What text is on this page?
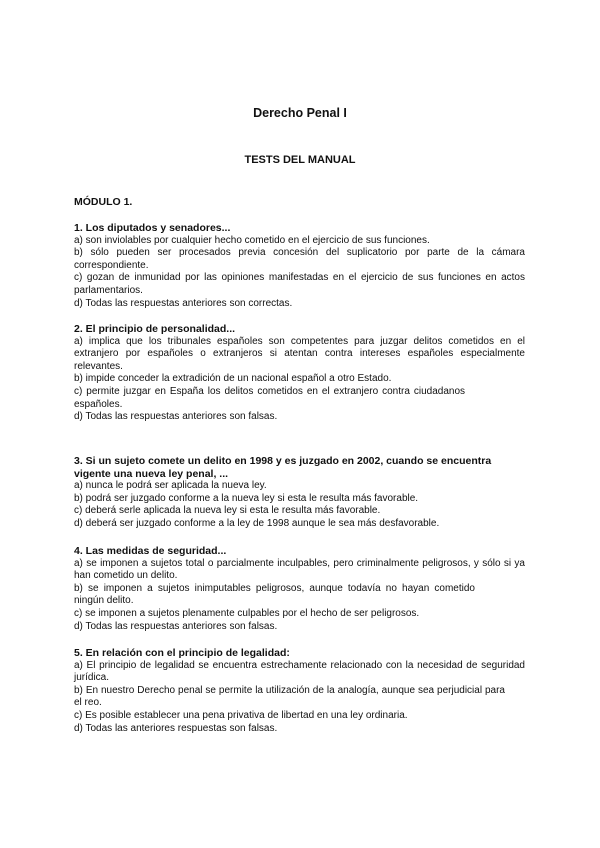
Derecho Penal I
TESTS DEL MANUAL
MÓDULO 1.
1. Los diputados y senadores...
a) son inviolables por cualquier hecho cometido en el ejercicio de sus funciones.
b) sólo pueden ser procesados previa concesión del suplicatorio por parte de la cámara correspondiente.
c) gozan de inmunidad por las opiniones manifestadas en el ejercicio de sus funciones en actos parlamentarios.
d) Todas las respuestas anteriores son correctas.
2. El principio de personalidad...
a) implica que los tribunales españoles son competentes para juzgar delitos cometidos en el extranjero por españoles o extranjeros si atentan contra intereses españoles especialmente relevantes.
b) impide conceder la extradición de un nacional español a otro Estado.
c) permite juzgar en España los delitos cometidos en el extranjero contra ciudadanos españoles.
d) Todas las respuestas anteriores son falsas.
3. Si un sujeto comete un delito en 1998 y es juzgado en 2002, cuando se encuentra vigente una nueva ley penal, ...
a) nunca le podrá ser aplicada la nueva ley.
b) podrá ser juzgado conforme a la nueva ley si esta le resulta más favorable.
c) deberá serle aplicada la nueva ley si esta le resulta más favorable.
d) deberá ser juzgado conforme a la ley de 1998 aunque le sea más desfavorable.
4. Las medidas de seguridad...
a) se imponen a sujetos total o parcialmente inculpables, pero criminalmente peligrosos, y sólo si ya han cometido un delito.
b) se imponen a sujetos inimputables peligrosos, aunque todavía no hayan cometido ningún delito.
c) se imponen a sujetos plenamente culpables por el hecho de ser peligrosos.
d) Todas las respuestas anteriores son falsas.
5. En relación con el principio de legalidad:
a) El principio de legalidad se encuentra estrechamente relacionado con la necesidad de seguridad jurídica.
b) En nuestro Derecho penal se permite la utilización de la analogía, aunque sea perjudicial para el reo.
c) Es posible establecer una pena privativa de libertad en una ley ordinaria.
d) Todas las anteriores respuestas son falsas.
